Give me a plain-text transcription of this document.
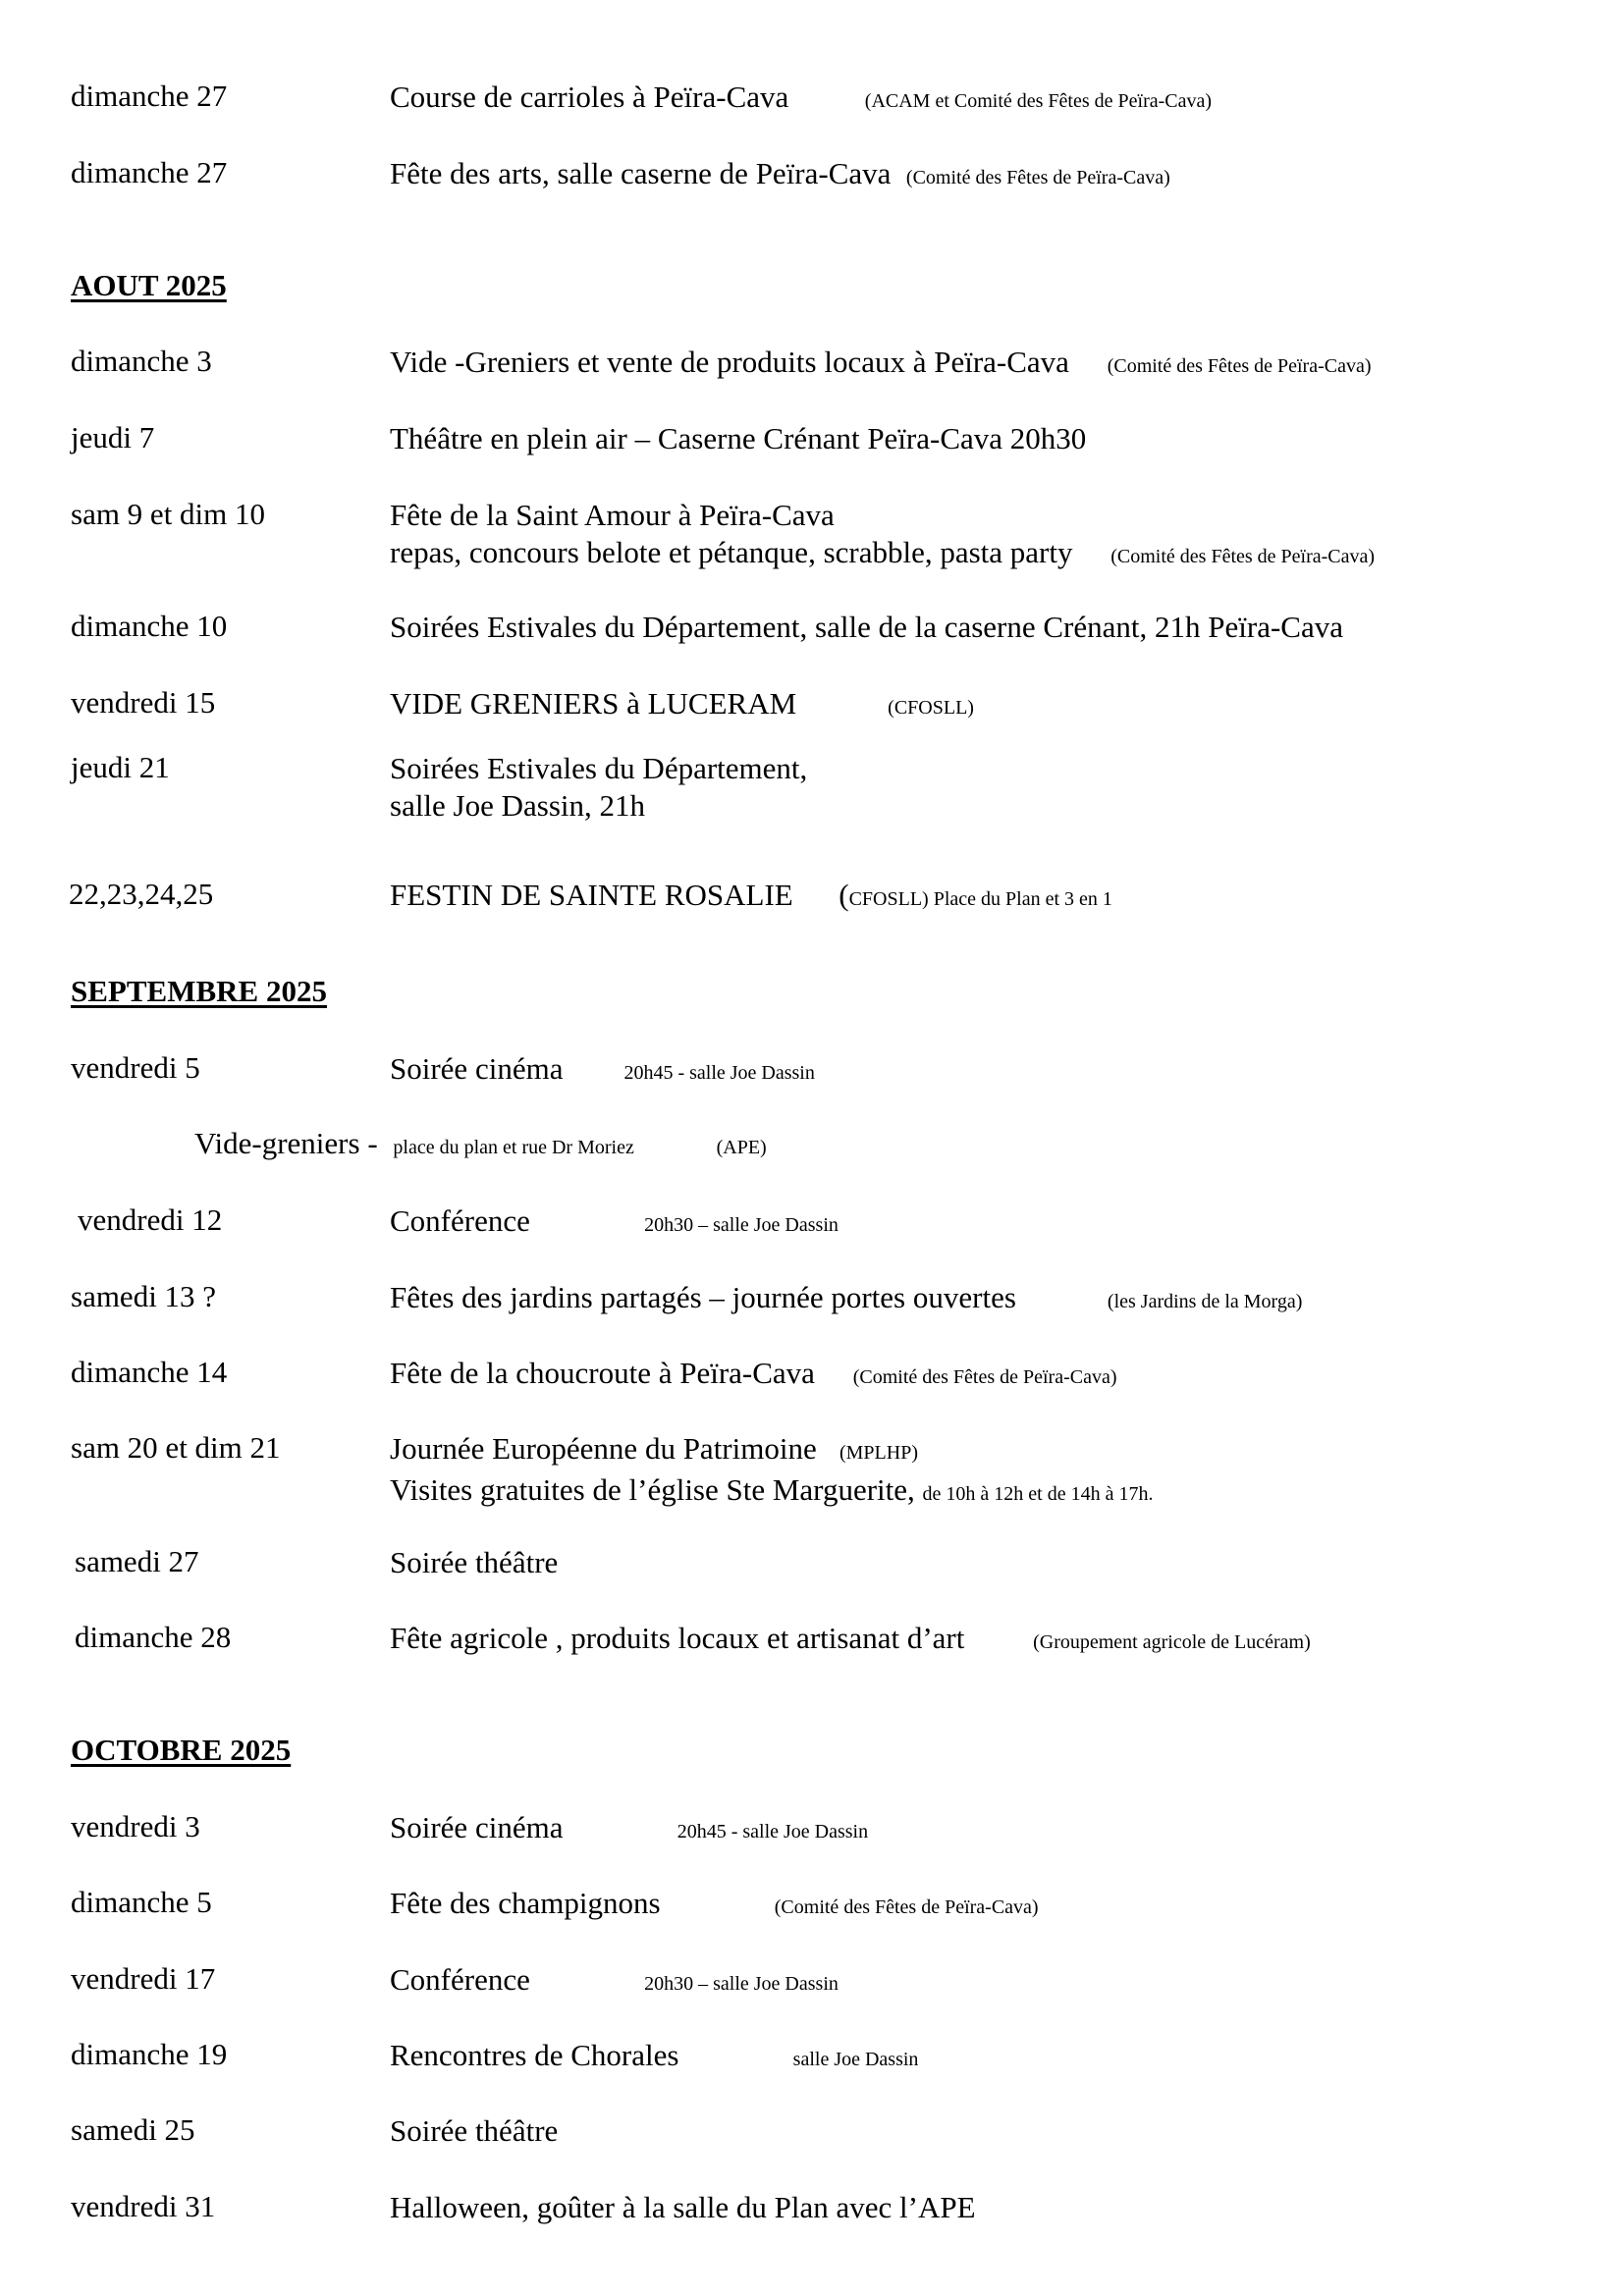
dimanche 27	Course de carrioles à Peïra-Cava	(ACAM et Comité des Fêtes de Peïra-Cava)
dimanche 27	Fête des arts, salle caserne de Peïra-Cava (Comité des Fêtes de Peïra-Cava)
AOUT 2025
dimanche 3	Vide -Greniers et vente de produits locaux à Peïra-Cava (Comité des Fêtes de Peïra-Cava)
jeudi 7	Théâtre en plein air – Caserne Crénant Peïra-Cava 20h30
sam 9 et dim 10	Fête de la Saint Amour à Peïra-Cava
repas, concours belote et pétanque, scrabble, pasta party (Comité des Fêtes de Peïra-Cava)
dimanche 10	Soirées Estivales du Département, salle de la caserne Crénant, 21h Peïra-Cava
vendredi 15	VIDE GRENIERS à LUCERAM	(CFOSLL)
jeudi 21	Soirées Estivales du Département,
salle Joe Dassin, 21h
22,23,24,25	FESTIN DE SAINTE ROSALIE      (CFOSLL) Place du Plan et 3 en 1
SEPTEMBRE 2025
vendredi 5	Soirée cinéma	20h45 - salle Joe Dassin
Vide-greniers - place du plan et rue Dr Moriez	(APE)
vendredi 12	Conférence	20h30 – salle Joe Dassin
samedi 13 ?	Fêtes des jardins partagés – journée portes ouvertes	(les Jardins de la Morga)
dimanche 14	Fête de la choucroute à Peïra-Cava (Comité des Fêtes de Peïra-Cava)
sam 20 et dim 21	Journée Européenne du Patrimoine (MPLHP)
Visites gratuites de l’église Ste Marguerite, de 10h à 12h et de 14h à 17h.
samedi 27	Soirée théâtre
dimanche 28	Fête agricole , produits locaux et artisanat d’art	(Groupement agricole de Lucéram)
OCTOBRE 2025
vendredi 3	Soirée cinéma	20h45 - salle Joe Dassin
dimanche 5	Fête des champignons	(Comité des Fêtes de Peïra-Cava)
vendredi 17	Conférence	20h30 – salle Joe Dassin
dimanche 19	Rencontres de Chorales	salle Joe Dassin
samedi 25	Soirée théâtre
vendredi 31	Halloween, goûter à la salle du Plan avec l’APE
